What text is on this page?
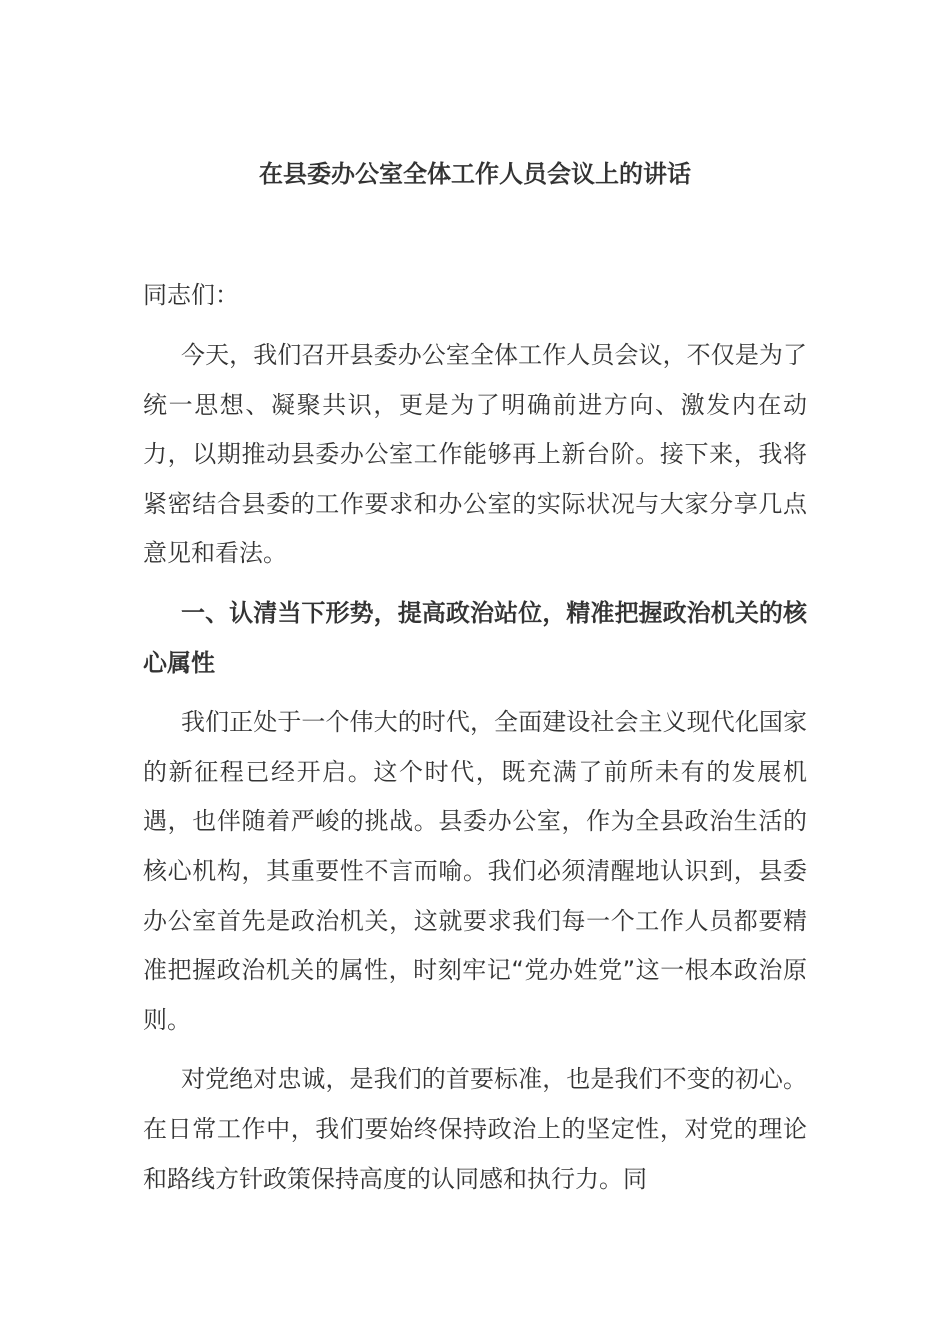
在县委办公室全体工作人员会议上的讲话

同志们：

今天，我们召开县委办公室全体工作人员会议，不仅是为了统一思想、凝聚共识，更是为了明确前进方向、激发内在动力，以期推动县委办公室工作能够再上新台阶。接下来，我将紧密结合县委的工作要求和办公室的实际状况与大家分享几点意见和看法。

一、认清当下形势，提高政治站位，精准把握政治机关的核心属性

我们正处于一个伟大的时代，全面建设社会主义现代化国家的新征程已经开启。这个时代，既充满了前所未有的发展机遇，也伴随着严峻的挑战。县委办公室，作为全县政治生活的核心机构，其重要性不言而喻。我们必须清醒地认识到，县委办公室首先是政治机关，这就要求我们每一个工作人员都要精准把握政治机关的属性，时刻牢记“党办姓党”这一根本政治原则。

对党绝对忠诚，是我们的首要标准，也是我们不变的初心。在日常工作中，我们要始终保持政治上的坚定性，对党的理论和路线方针政策保持高度的认同感和执行力。同
